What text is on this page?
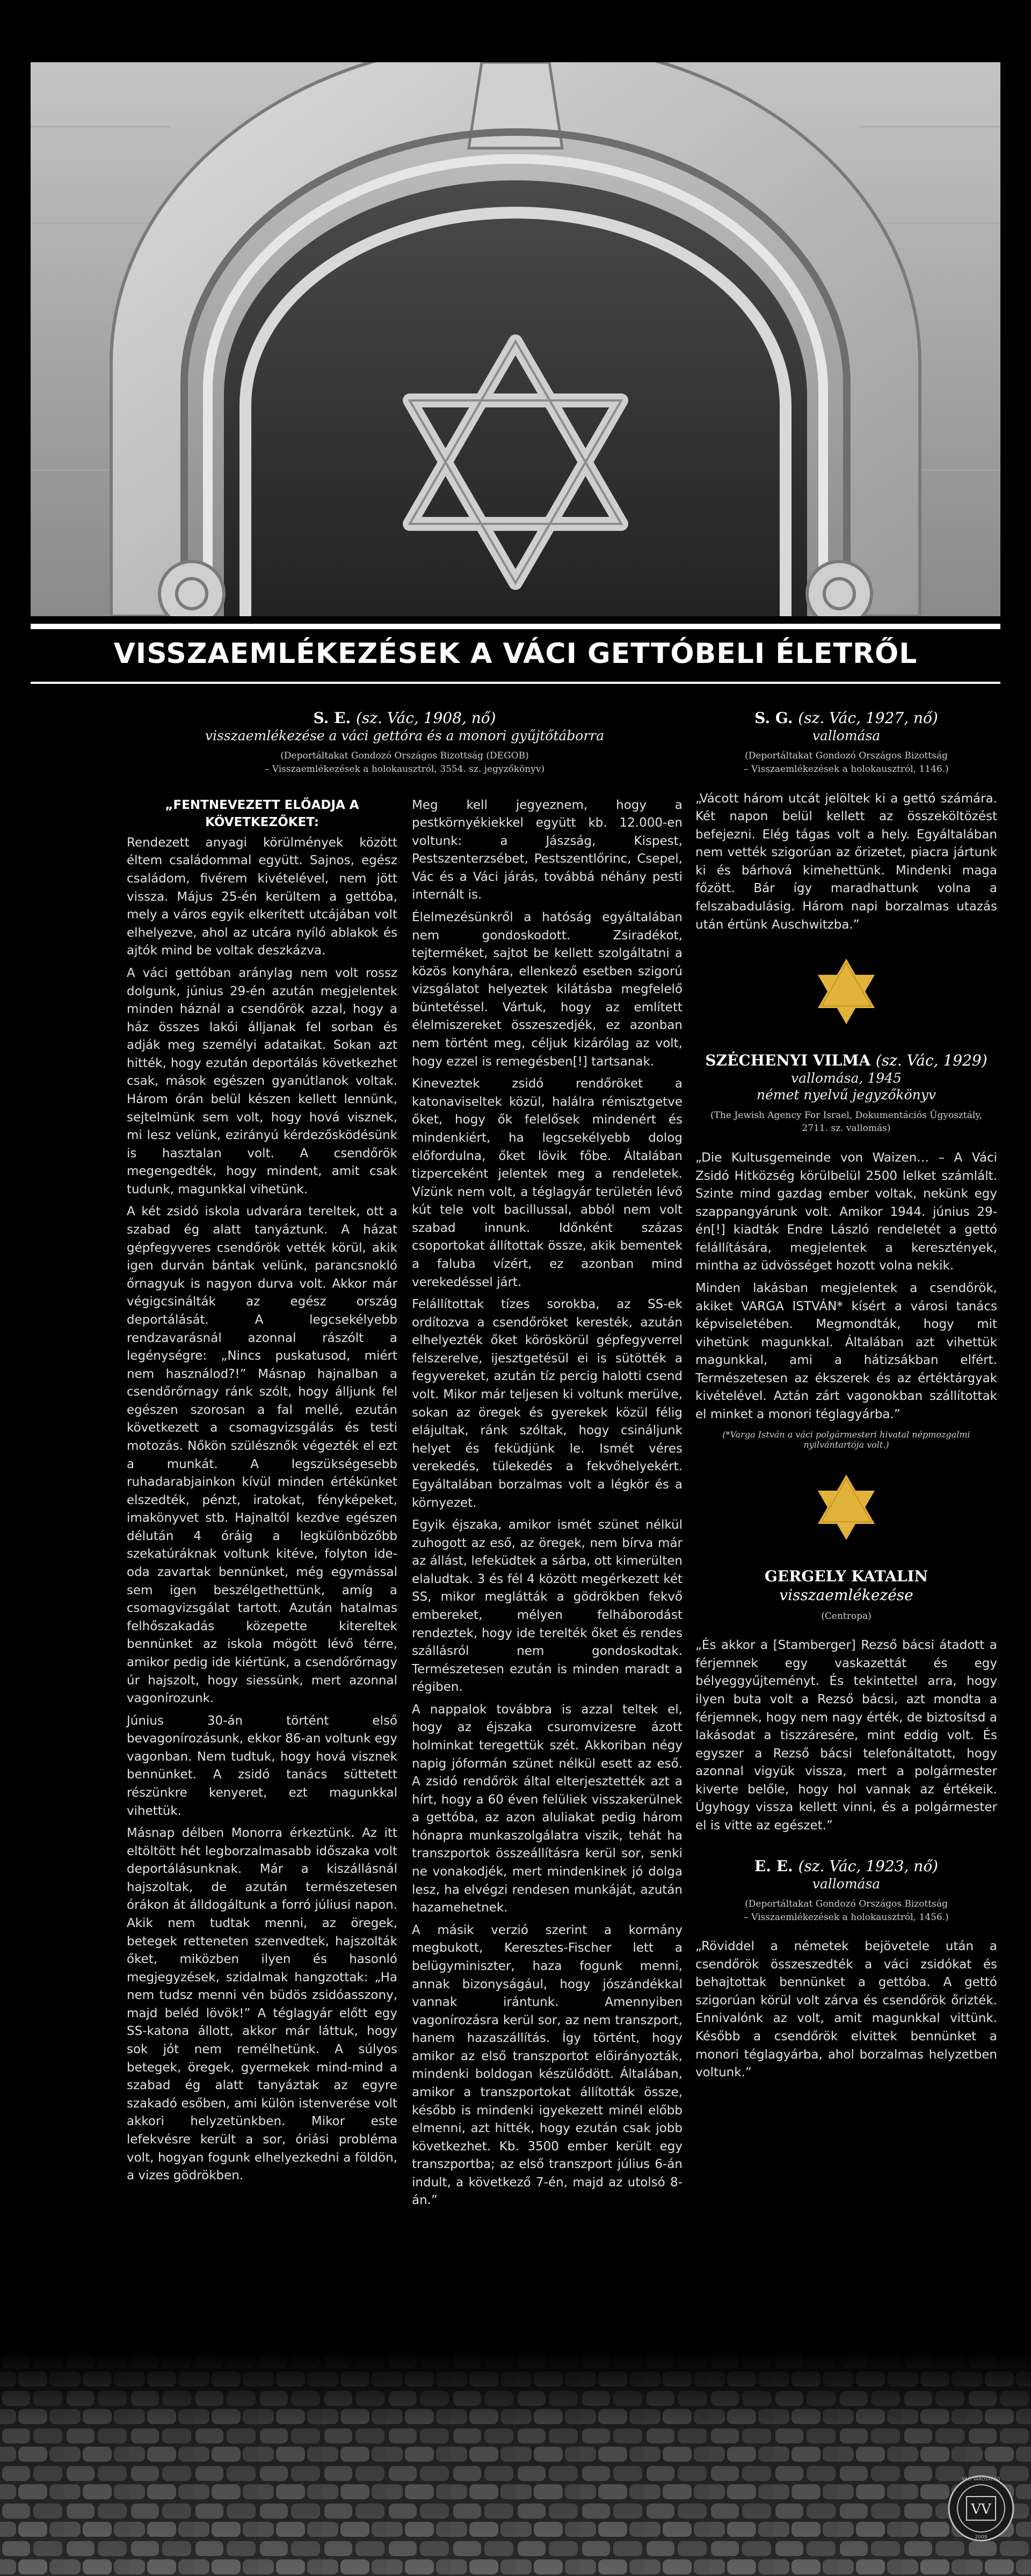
VISSZAEMLÉKEZÉSEK A VÁCI GETTÓBELI ÉLETRŐL
S. E. (sz. Vác, 1908, nő)
visszaemlékezése a váci gettóra és a monori gyűjtőtáborra
(Deportáltakat Gondozó Országos Bizottság (DEGOB)
– Visszaemlékezések a holokausztról, 3554. sz. jegyzőkönyv)
„FENTNEVEZETT ELŐADJA A KÖVETKEZŐKET:

Rendezett anyagi körülmények között éltem családommal együtt. Sajnos, egész családom, fivérem kivételével, nem jött vissza. Május 25-én kerültem a gettóba, mely a város egyik elkerített utcájában volt elhelyezve, ahol az utcára nyíló ablakok és ajtók mind be voltak deszkázva.

A váci gettóban aránylag nem volt rossz dolgunk, június 29-én azután megjelentek minden háznál a csendőrök azzal, hogy a ház összes lakói álljanak fel sorban és adják meg személyi adataikat. Sokan azt hitték, hogy ezután deportálás következhet csak, mások egészen gyanútlanok voltak. Három órán belül készen kellett lennünk, sejtelmünk sem volt, hogy hová visznek, mi lesz velünk, ezirányú kérdezősködésünk is hasztalan volt. A csendőrök megengedték, hogy mindent, amit csak tudunk, magunkkal vihetünk.

A két zsidó iskola udvarára tereltek, ott a szabad ég alatt tanyáztunk. A házat gépfegyveres csendőrök vették körül, akik igen durván bántak velünk, parancsnokló őrnagyuk is nagyon durva volt. Akkor már végigcsinálták az egész ország deportálását. A legcsekélyebb rendzavarásnál azonnal rászólt a legénységre: „Nincs puskatusod, miért nem használod?!” Másnap hajnalban a csendőrőrnagy ránk szólt, hogy álljunk fel egészen szorosan a fal mellé, ezután következett a csomagvizsgálás és testi motozás. Nőkön szülésznők végezték el ezt a munkát. A legszükségesebb ruhadarabjainkon kívül minden értékünket elszedték, pénzt, iratokat, fényképeket, imakönyvet stb. Hajnaltól kezdve egészen délután 4 óráig a legkülönbözőbb szekatúráknak voltunk kitéve, folyton ide-oda zavartak bennünket, még egymással sem igen beszélgethettünk, amíg a csomagvizsgálat tartott. Azután hatalmas felhőszakadás közepette kitereltek bennünket az iskola mögött lévő térre, amikor pedig ide kiértünk, a csendőrőrnagy úr hajszolt, hogy siessünk, mert azonnal vagonírozunk.

Június 30-án történt első bevagonírozásunk, ekkor 86-an voltunk egy vagonban. Nem tudtuk, hogy hová visznek bennünket. A zsidó tanács süttetett részünkre kenyeret, ezt magunkkal vihettük.

Másnap délben Monorra érkeztünk. Az itt eltöltött hét legborzalmasabb időszaka volt deportálásunknak. Már a kiszállásnál hajszoltak, de azután természetesen órákon át álldogáltunk a forró júliusi napon. Akik nem tudtak menni, az öregek, betegek retteneten szenvedtek, hajszolták őket, miközben ilyen és hasonló megjegyzések, szidalmak hangzottak: „Ha nem tudsz menni vén büdös zsidóasszony, majd beléd lövök!” A téglagyár előtt egy SS-katona állott, akkor már láttuk, hogy sok jót nem remélhetünk. A súlyos betegek, öregek, gyermekek mind-mind a szabad ég alatt tanyáztak az egyre szakadó esőben, ami külön istenverése volt akkori helyzetünkben. Mikor este lefekvésre került a sor, óriási probléma volt, hogyan fogunk elhelyezkedni a földön, a vizes gödrökben.

Meg kell jegyeznem, hogy a pestkörnyékiekkel együtt kb. 12.000-en voltunk: a Jászság, Kispest, Pestszenterzsébet, Pestszentlőrinc, Csepel, Vác és a Váci járás, továbbá néhány pesti internált is.

Élelmezésünkről a hatóság egyáltalában nem gondoskodott. Zsiradékot, tejterméket, sajtot be kellett szolgáltatni a közös konyhára, ellenkező esetben szigorú vizsgálatot helyeztek kilátásba megfelelő büntetéssel. Vártuk, hogy az említett élelmiszereket összeszedjék, ez azonban nem történt meg, céljuk kizárólag az volt, hogy ezzel is remegésben[!] tartsanak.

Kineveztek zsidó rendőröket a katonaviseltek közül, halálra rémisztgetve őket, hogy ők felelősek mindenért és mindenkiért, ha legcsekélyebb dolog előfordulna, őket lövik főbe. Általában tizperceként jelentek meg a rendeletek. Vízünk nem volt, a téglagyár területén lévő kút tele volt bacillussal, abból nem volt szabad innunk. Időnként százas csoportokat állítottak össze, akik bementek a faluba vízért, ez azonban mind verekedéssel járt.

Felállítottak tízes sorokba, az SS-ek ordítozva a csendőröket keresték, azután elhelyezték őket köröskörül gépfegyverrel felszerelve, ijesztgetésül ei is sütötték a fegyvereket, azután tíz percig halotti csend volt. Mikor már teljesen ki voltunk merülve, sokan az öregek és gyerekek közül félig elájultak, ránk szóltak, hogy csináljunk helyet és feküdjünk le. Ismét véres verekedés, tülekedés a fekvőhelyekért. Egyáltalában borzalmas volt a légkör és a környezet.

Egyik éjszaka, amikor ismét szünet nélkül zuhogott az eső, az öregek, nem bírva már az állást, lefeküdtek a sárba, ott kimerülten elaludtak. 3 és fél 4 között megérkezett két SS, mikor meglátták a gödrökben fekvő embereket, mélyen felháborodást rendeztek, hogy ide terelték őket és rendes szállásról nem gondoskodtak. Természetesen ezután is minden maradt a régiben.

A nappalok továbbra is azzal teltek el, hogy az éjszaka csuromvizesre ázott holminkat teregettük szét. Akkoriban négy napig jóformán szünet nélkül esett az eső. A zsidó rendőrök által elterjesztették azt a hírt, hogy a 60 éven felüliek visszakerülnek a gettóba, az azon aluliakat pedig három hónapra munkaszolgálatra viszik, tehát ha transzportok összeállításra kerül sor, senki ne vonakodjék, mert mindenkinek jó dolga lesz, ha elvégzi rendesen munkáját, azután hazamehetnek.

A másik verzió szerint a kormány megbukott, Keresztes-Fischer lett a belügyminiszter, haza fogunk menni, annak bizonyságául, hogy jószándékkal vannak irántunk. Amennyiben vagonírozásra kerül sor, az nem transzport, hanem hazaszállítás. Így történt, hogy amikor az első transzportot előirányozták, mindenki boldogan készülődött. Általában, amikor a transzportokat állították össze, később is mindenki igyekezett minél előbb elmenni, azt hitték, hogy ezután csak jobb következhet. Kb. 3500 ember került egy transzportba; az első transzport július 6-án indult, a következő 7-én, majd az utolsó 8-án.”

S. G. (sz. Vác, 1927, nő)
vallomása
(Deportáltakat Gondozó Országos Bizottság
– Visszaemlékezések a holokausztról, 1146.)

„Vácott három utcát jelöltek ki a gettó számára. Két napon belül kellett az összeköltözést befejezni. Elég tágas volt a hely. Egyáltalában nem vették szigorúan az őrizetet, piacra jártunk ki és bárhová kimehettünk. Mindenki maga főzött. Bár így maradhattunk volna a felszabadulásig. Három napi borzalmas utazás után értünk Auschwitzba.”

SZÉCHENYI VILMA (sz. Vác, 1929)
vallomása, 1945
német nyelvű jegyzőkönyv
(The Jewish Agency For Israel, Dokumentációs Ügyosztály,
2711. sz. vallomás)

„Die Kultusgemeinde von Waizen… – A Váci Zsidó Hitközség körülbelül 2500 lelket számlált. Szinte mind gazdag ember voltak, nekünk egy szappangyárunk volt. Amikor 1944. június 29-én[!] kiadták Endre László rendeletét a gettó felállítására, megjelentek a keresztények, mintha az üdvösséget hozott volna nekik.

Minden lakásban megjelentek a csendőrök, akiket VARGA ISTVÁN* kísért a városi tanács képviseletében. Megmondták, hogy mit vihetünk magunkkal. Általában azt vihettük magunkkal, ami a hátizsákban elfért. Természetesen az ékszerek és az értéktárgyak kivételével. Aztán zárt vagonokban szállítottak el minket a monori téglagyárba.”

(*Varga István a váci polgármesteri hivatal népmozgalmi nyilvántartója volt.)
GERGELY KATALIN visszaemlékezése
(Centropa)

„És akkor a [Stamberger] Rezső bácsi átadott a férjemnek egy vaskazettát és egy bélyeggyűjteményt. És tekintettel arra, hogy ilyen buta volt a Rezső bácsi, azt mondta a férjemnek, hogy nem nagy érték, de biztosítsd a lakásodat a tiszzáresére, mint eddig volt. És egyszer a Rezső bácsi telefonáltatott, hogy azonnal vigyük vissza, mert a polgármester kiverte belőle, hogy hol vannak az értékeik. Úgyhogy vissza kellett vinni, és a polgármester el is vitte az egészet.”

E. E. (sz. Vác, 1923, nő)
vallomása
(Deportáltakat Gondozó Országos Bizottság
– Visszaemlékezések a holokausztról, 1456.)

„Röviddel a németek bejövetele után a csendőrök összeszedték a váci zsidókat és behajtottak bennünket a gettóba. A gettó szigorúan körül volt zárva és csendőrök őrizték. Ennivalónk az volt, amit magunkkal vittünk. Később a csendőrök elvittek bennünket a monori téglagyárba, ahol borzalmas helyzetben voltunk.”

VV
VÁCI VÁROSVÉDŐ
2009
